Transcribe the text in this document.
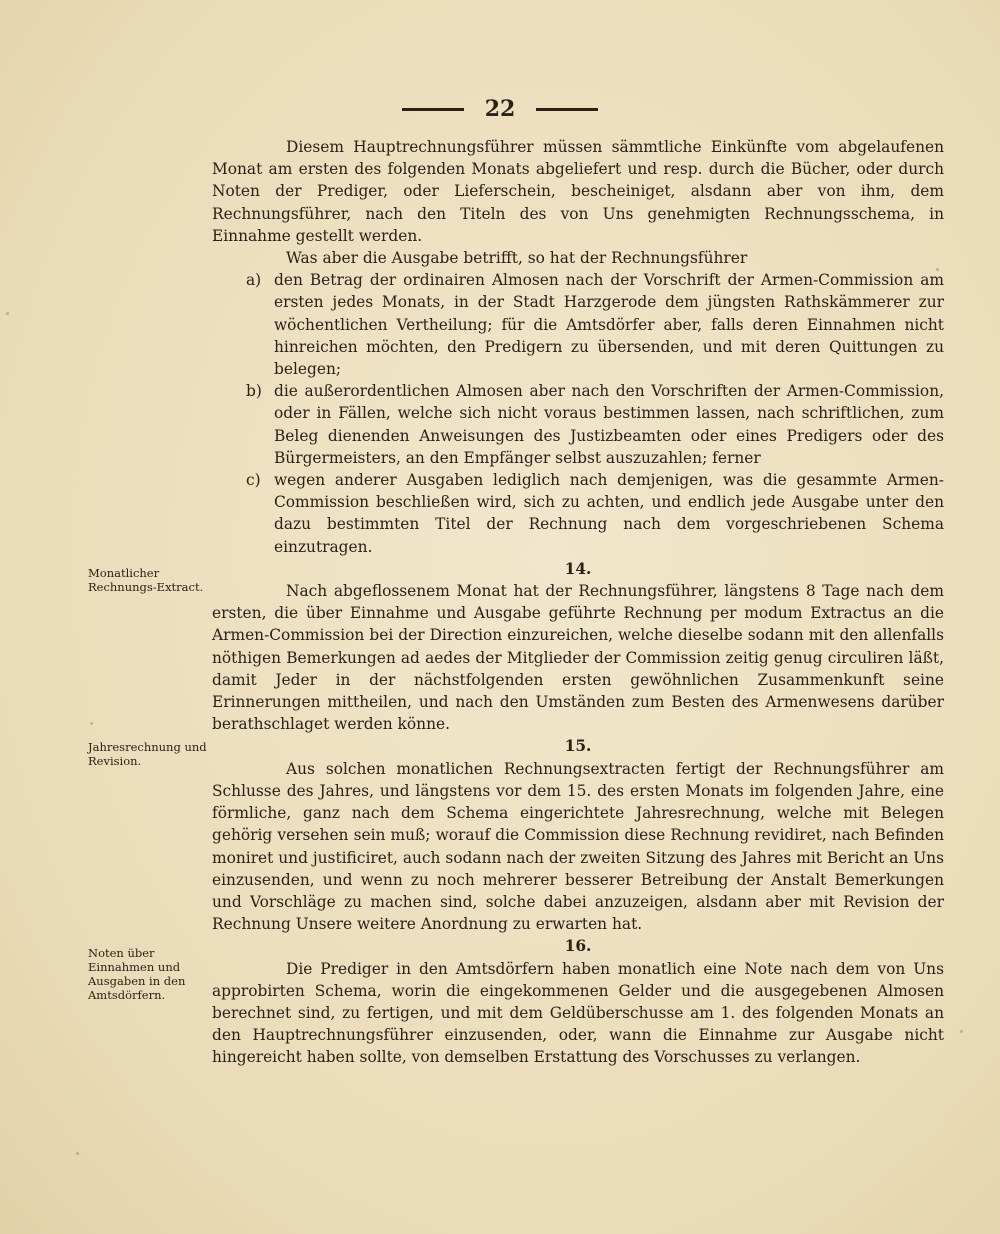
22

Diesem Hauptrechnungsführer müssen sämmtliche Einkünfte vom abgelaufenen Monat am ersten des folgenden Monats abgeliefert und resp. durch die Bücher, oder durch Noten der Prediger, oder Lieferschein, bescheiniget, alsdann aber von ihm, dem Rechnungsführer, nach den Titeln des von Uns genehmigten Rechnungsschema, in Einnahme gestellt werden.

Was aber die Ausgabe betrifft, so hat der Rechnungsführer

a) den Betrag der ordinairen Almosen nach der Vorschrift der Armen-Commission am ersten jedes Monats, in der Stadt Harzgerode dem jüngsten Rathskämmerer zur wöchentlichen Vertheilung; für die Amtsdörfer aber, falls deren Einnahmen nicht hinreichen möchten, den Predigern zu übersenden, und mit deren Quittungen zu belegen;
b) die außerordentlichen Almosen aber nach den Vorschriften der Armen-Commission, oder in Fällen, welche sich nicht voraus bestimmen lassen, nach schriftlichen, zum Beleg dienenden Anweisungen des Justizbeamten oder eines Predigers oder des Bürgermeisters, an den Empfänger selbst auszuzahlen; ferner
c) wegen anderer Ausgaben lediglich nach demjenigen, was die gesammte Armen-Commission beschließen wird, sich zu achten, und endlich jede Ausgabe unter den dazu bestimmten Titel der Rechnung nach dem vorgeschriebenen Schema einzutragen.

14.

Nach abgeflossenem Monat hat der Rechnungsführer, längstens 8 Tage nach dem ersten, die über Einnahme und Ausgabe geführte Rechnung per modum Extractus an die Armen-Commission bei der Direction einzureichen, welche dieselbe sodann mit den allenfalls nöthigen Bemerkungen ad aedes der Mitglieder der Commission zeitig genug circuliren läßt, damit Jeder in der nächstfolgenden ersten gewöhnlichen Zusammenkunft seine Erinnerungen mittheilen, und nach den Umständen zum Besten des Armenwesens darüber berathschlaget werden könne.

15.

Aus solchen monatlichen Rechnungsextracten fertigt der Rechnungsführer am Schlusse des Jahres, und längstens vor dem 15. des ersten Monats im folgenden Jahre, eine förmliche, ganz nach dem Schema eingerichtete Jahresrechnung, welche mit Belegen gehörig versehen sein muß; worauf die Commission diese Rechnung revidiret, nach Befinden moniret und justificiret, auch sodann nach der zweiten Sitzung des Jahres mit Bericht an Uns einzusenden, und wenn zu noch mehrerer besserer Betreibung der Anstalt Bemerkungen und Vorschläge zu machen sind, solche dabei anzuzeigen, alsdann aber mit Revision der Rechnung Unsere weitere Anordnung zu erwarten hat.

16.

Die Prediger in den Amtsdörfern haben monatlich eine Note nach dem von Uns approbirten Schema, worin die eingekommenen Gelder und die ausgegebenen Almosen berechnet sind, zu fertigen, und mit dem Geldüberschusse am 1. des folgenden Monats an den Hauptrechnungsführer einzusenden, oder, wann die Einnahme zur Ausgabe nicht hingereicht haben sollte, von demselben Erstattung des Vorschusses zu verlangen.

Monatlicher Rechnungs-Extract.

Jahresrechnung und Revision.

Noten über Einnahmen und Ausgaben in den Amtsdörfern.
